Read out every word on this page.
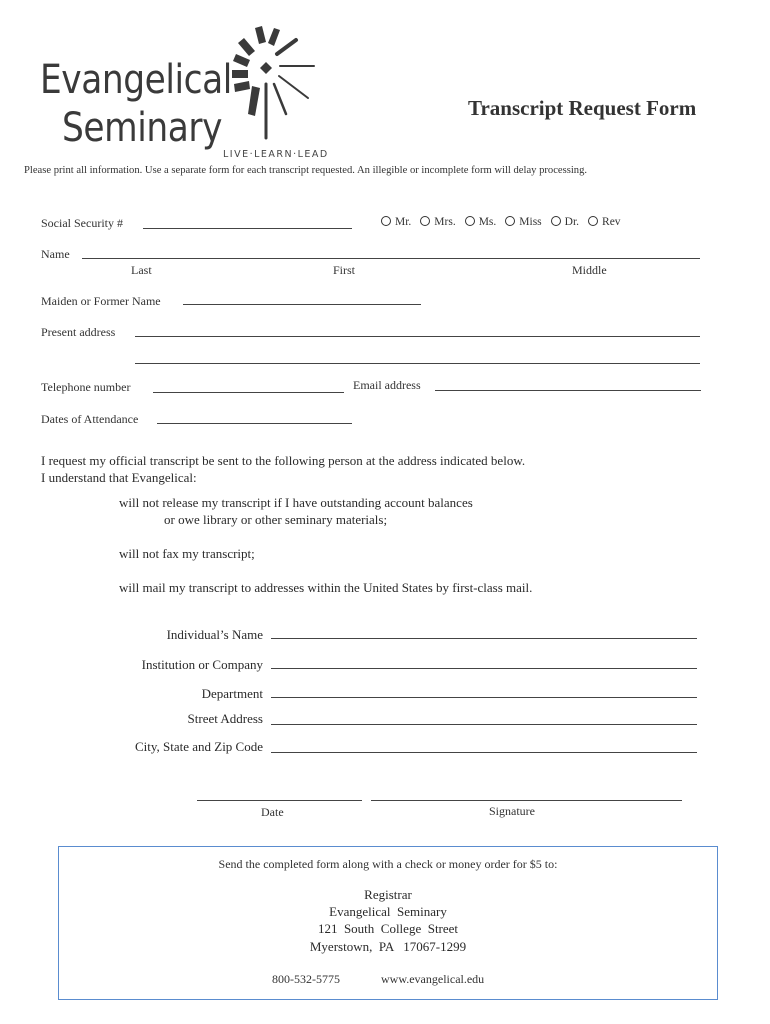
Evangelical
Seminary
LIVE·LEARN·LEAD
Transcript Request Form
Please print all information. Use a separate form for each transcript requested. An illegible or incomplete form will delay processing.
Social Security #	Mr. Mrs. Ms. Miss Dr. Rev
Name
Last	First	Middle
Maiden or Former Name
Present address
Telephone number	Email address
Dates of Attendance
I request my official transcript be sent to the following person at the address indicated below.
I understand that Evangelical:
will not release my transcript if I have outstanding account balances
or owe library or other seminary materials;
will not fax my transcript;
will mail my transcript to addresses within the United States by first-class mail.
Individual’s Name
Institution or Company
Department
Street Address
City, State and Zip Code
Date	Signature
Send the completed form along with a check or money order for $5 to:
Registrar
Evangelical  Seminary
121  South  College  Street
Myerstown,  PA   17067-1299
800-532-5775	www.evangelical.edu
